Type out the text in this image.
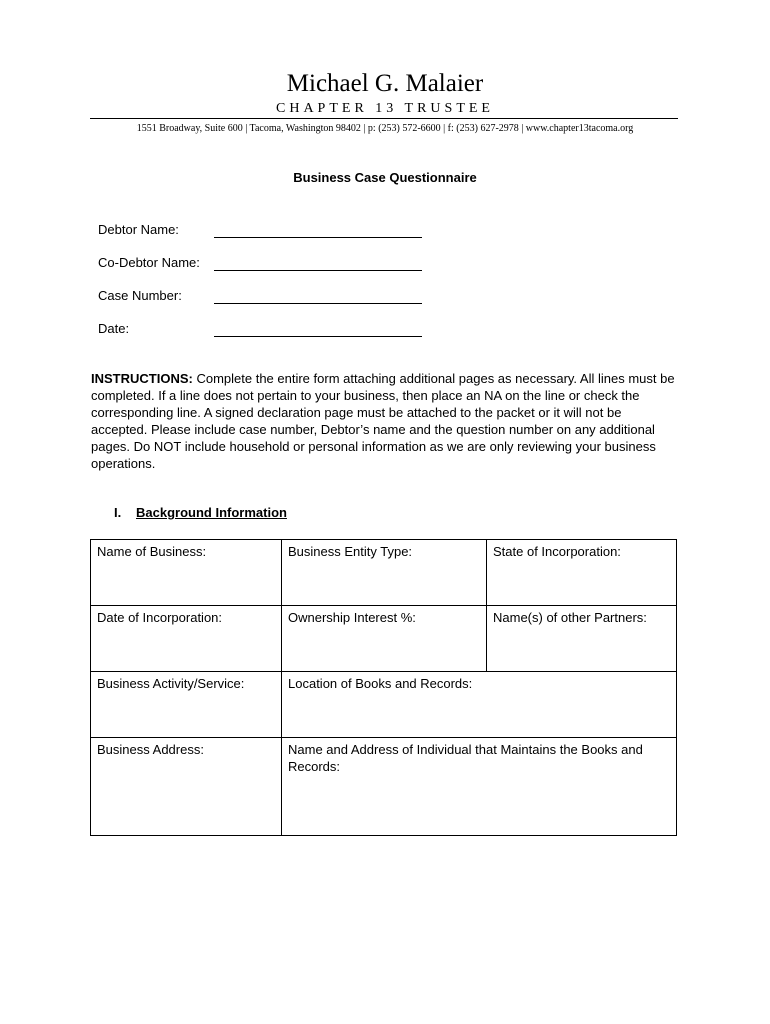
Michael G. Malaier
CHAPTER 13 TRUSTEE
1551 Broadway, Suite 600 | Tacoma, Washington 98402 | p: (253) 572-6600 | f: (253) 627-2978 | www.chapter13tacoma.org
Business Case Questionnaire
Debtor Name:
Co-Debtor Name:
Case Number:
Date:
INSTRUCTIONS: Complete the entire form attaching additional pages as necessary. All lines must be completed. If a line does not pertain to your business, then place an NA on the line or check the corresponding line. A signed declaration page must be attached to the packet or it will not be accepted. Please include case number, Debtor’s name and the question number on any additional pages. Do NOT include household or personal information as we are only reviewing your business operations.
I. Background Information
Name of Business:	Business Entity Type:	State of Incorporation:
Date of Incorporation:	Ownership Interest %:	Name(s) of other Partners:
Business Activity/Service:	Location of Books and Records:	
Business Address:	Name and Address of Individual that Maintains the Books and Records:	
